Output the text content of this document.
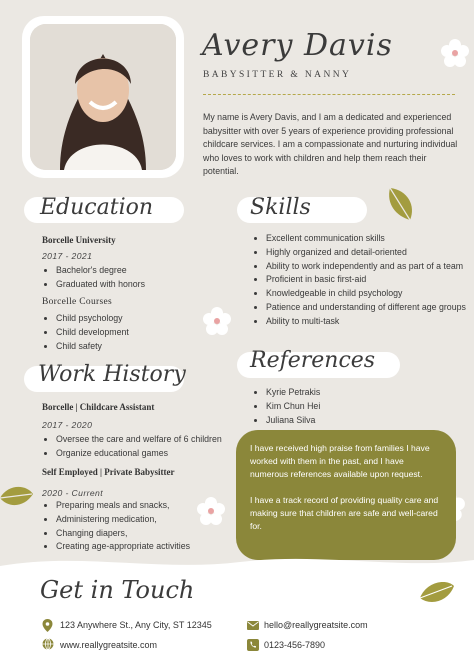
Avery Davis
BABYSITTER & NANNY
My name is Avery Davis, and I am a dedicated and experienced babysitter with over 5 years of experience providing professional childcare services. I am a compassionate and nurturing individual who loves to work with children and help them reach their potential.
Education
Borcelle University
2017 - 2021
• Bachelor's degree
• Graduated with honors
Borcelle Courses
• Child psychology
• Child development
• Child safety
Skills
• Excellent communication skills
• Highly organized and detail-oriented
• Ability to work independently and as part of a team
• Proficient in basic first-aid
• Knowledgeable in child psychology
• Patience and understanding of different age groups
• Ability to multi-task
Work History
Borcelle | Childcare Assistant
2017 - 2020
• Oversee the care and welfare of 6 children
• Organize educational games
Self Employed | Private Babysitter
2020 - Current
• Preparing meals and snacks,
• Administering medication,
• Changing diapers,
• Creating age-appropriate activities
References
• Kyrie Petrakis
• Kim Chun Hei
• Juliana Silva

I have received high praise from families I have worked with them in the past, and I have numerous references available upon request.

I have a track record of providing quality care and making sure that children are safe and well-cared for.

Get in Touch
123 Anywhere St., Any City, ST 12345
www.reallygreatsite.com
hello@reallygreatsite.com
0123-456-7890
